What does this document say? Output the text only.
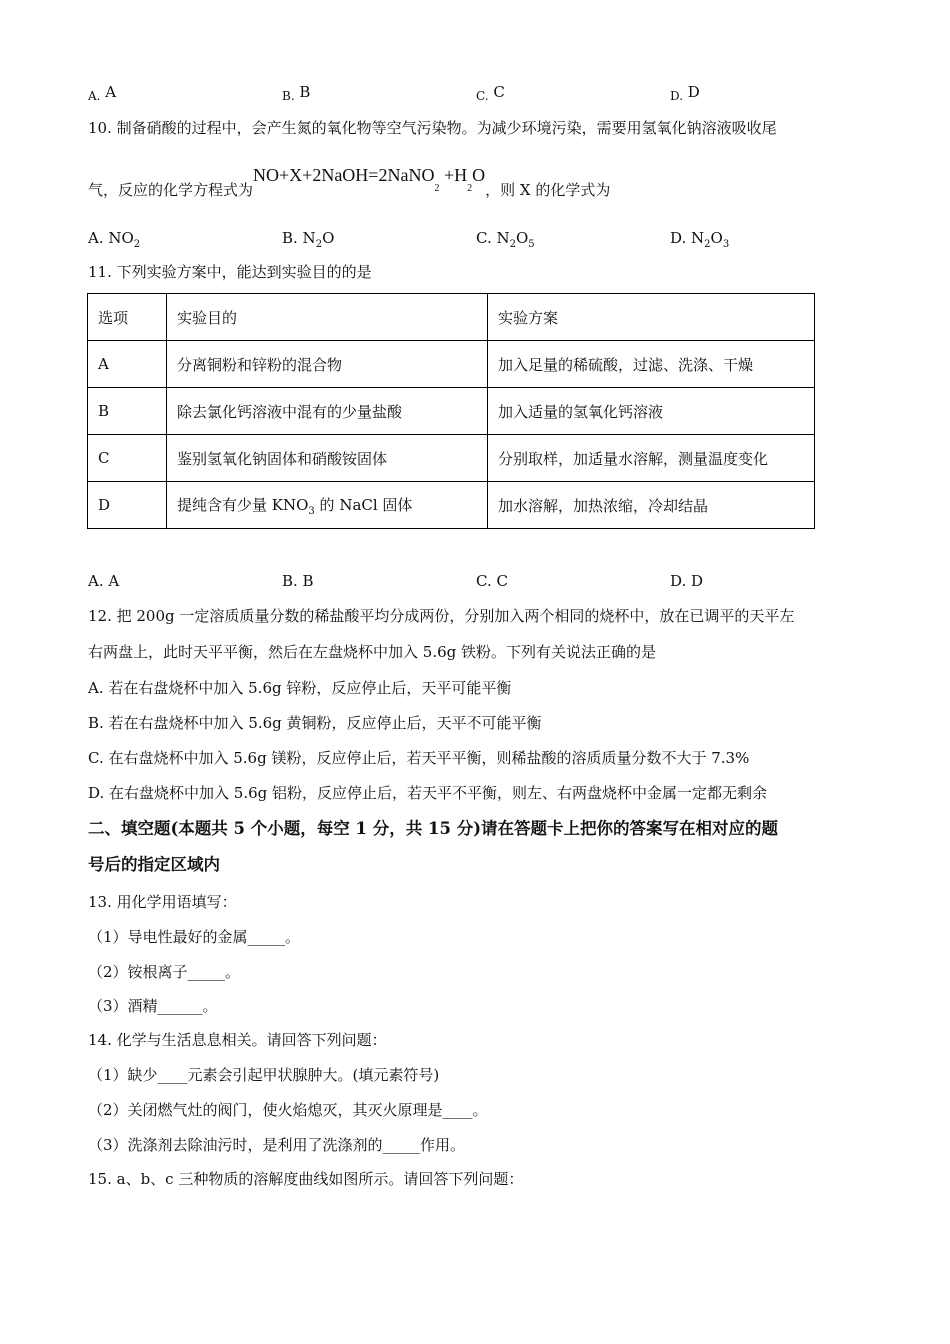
$_{A.}$ A	$_{B.}$ B	$_{C.}$ C	$_{D.}$ D
10. 制备硝酸的过程中，会产生氮的氧化物等空气污染物。为减少环境污染，需要用氢氧化钠溶液吸收尾
气，反应的化学方程式为NO+X+2NaOH=2NaNO$_2$ $+H_2O$，则 X 的化学式为
A. $NO_2$	B. $N_2O$	C. $N_2O_5$	D. $N_2O_3$
11. 下列实验方案中，能达到实验目的的是
选项	实验目的	实验方案
A	分离铜粉和锌粉的混合物	加入足量的稀硫酸，过滤、洗涤、干燥
B	除去氯化钙溶液中混有的少量盐酸	加入适量的氢氧化钙溶液
C	鉴别氢氧化钠固体和硝酸铵固体	分别取样，加适量水溶解，测量温度变化
D	提纯含有少量 $KNO_3$ 的 NaCl 固体	加水溶解，加热浓缩，冷却结晶
A. A	B. B	C. C	D. D
12. 把 200g 一定溶质质量分数的稀盐酸平均分成两份，分别加入两个相同的烧杯中，放在已调平的天平左
右两盘上，此时天平平衡，然后在左盘烧杯中加入 5.6g 铁粉。下列有关说法正确的是
A. 若在右盘烧杯中加入 5.6g 锌粉，反应停止后，天平可能平衡
B. 若在右盘烧杯中加入 5.6g 黄铜粉，反应停止后，天平不可能平衡
C. 在右盘烧杯中加入 5.6g 镁粉，反应停止后，若天平平衡，则稀盐酸的溶质质量分数不大于 7.3%
D. 在右盘烧杯中加入 5.6g 铝粉，反应停止后，若天平不平衡，则左、右两盘烧杯中金属一定都无剩余
二、填空题(本题共 5 个小题，每空 1 分，共 15 分)请在答题卡上把你的答案写在相对应的题
号后的指定区域内
13. 用化学用语填写：
（1）导电性最好的金属_____。
（2）铵根离子_____。
（3）酒精______。
14. 化学与生活息息相关。请回答下列问题：
（1）缺少____元素会引起甲状腺肿大。(填元素符号)
（2）关闭燃气灶的阀门，使火焰熄灭，其灭火原理是____。
（3）洗涤剂去除油污时，是利用了洗涤剂的_____作用。
15. a、b、c 三种物质的溶解度曲线如图所示。请回答下列问题：
